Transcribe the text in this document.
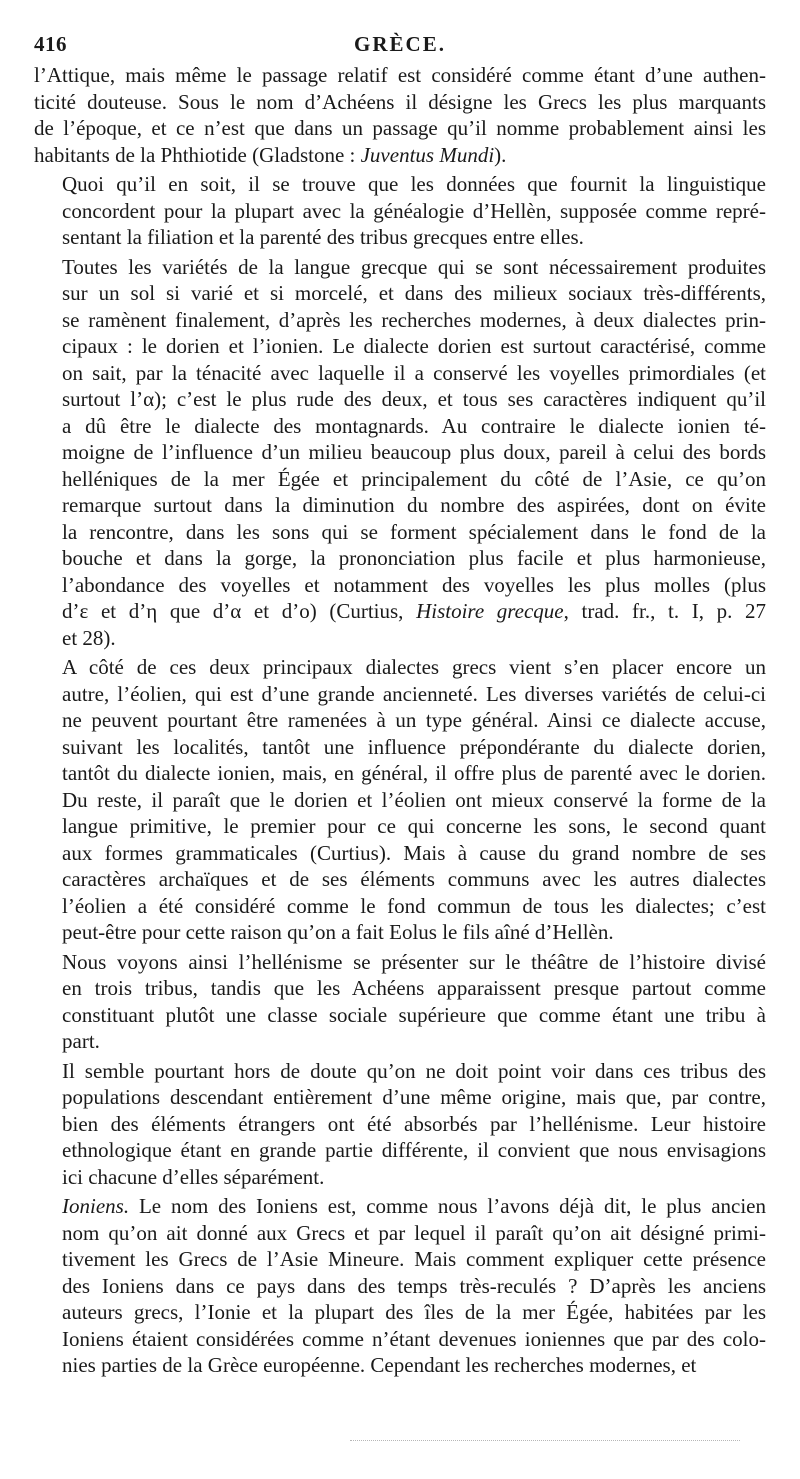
416	GRÈCE.

l’Attique, mais même le passage relatif est considéré comme étant d’une authen-
ticité douteuse. Sous le nom d’Achéens il désigne les Grecs les plus marquants
de l’époque, et ce n’est que dans un passage qu’il nomme probablement ainsi les
habitants de la Phthiotide (Gladstone : Juventus Mundi).

Quoi qu’il en soit, il se trouve que les données que fournit la linguistique
concordent pour la plupart avec la généalogie d’Hellèn, supposée comme repré-
sentant la filiation et la parenté des tribus grecques entre elles.

Toutes les variétés de la langue grecque qui se sont nécessairement produites
sur un sol si varié et si morcelé, et dans des milieux sociaux très-différents,
se ramènent finalement, d’après les recherches modernes, à deux dialectes prin-
cipaux : le dorien et l’ionien. Le dialecte dorien est surtout caractérisé, comme
on sait, par la ténacité avec laquelle il a conservé les voyelles primordiales (et
surtout l’α); c’est le plus rude des deux, et tous ses caractères indiquent qu’il
a dû être le dialecte des montagnards. Au contraire le dialecte ionien té-
moigne de l’influence d’un milieu beaucoup plus doux, pareil à celui des bords
helléniques de la mer Égée et principalement du côté de l’Asie, ce qu’on
remarque surtout dans la diminution du nombre des aspirées, dont on évite
la rencontre, dans les sons qui se forment spécialement dans le fond de la
bouche et dans la gorge, la prononciation plus facile et plus harmonieuse,
l’abondance des voyelles et notamment des voyelles les plus molles (plus
d’ε et d’η que d’α et d’o) (Curtius, Histoire grecque, trad. fr., t. I, p. 27
et 28).

A côté de ces deux principaux dialectes grecs vient s’en placer encore un
autre, l’éolien, qui est d’une grande ancienneté. Les diverses variétés de celui-ci
ne peuvent pourtant être ramenées à un type général. Ainsi ce dialecte accuse,
suivant les localités, tantôt une influence prépondérante du dialecte dorien,
tantôt du dialecte ionien, mais, en général, il offre plus de parenté avec le dorien.
Du reste, il paraît que le dorien et l’éolien ont mieux conservé la forme de la
langue primitive, le premier pour ce qui concerne les sons, le second quant
aux formes grammaticales (Curtius). Mais à cause du grand nombre de ses
caractères archaïques et de ses éléments communs avec les autres dialectes
l’éolien a été considéré comme le fond commun de tous les dialectes; c’est
peut-être pour cette raison qu’on a fait Eolus le fils aîné d’Hellèn.

Nous voyons ainsi l’hellénisme se présenter sur le théâtre de l’histoire divisé
en trois tribus, tandis que les Achéens apparaissent presque partout comme
constituant plutôt une classe sociale supérieure que comme étant une tribu à
part.

Il semble pourtant hors de doute qu’on ne doit point voir dans ces tribus des
populations descendant entièrement d’une même origine, mais que, par contre,
bien des éléments étrangers ont été absorbés par l’hellénisme. Leur histoire
ethnologique étant en grande partie différente, il convient que nous envisagions
ici chacune d’elles séparément.

Ioniens. Le nom des Ioniens est, comme nous l’avons déjà dit, le plus ancien
nom qu’on ait donné aux Grecs et par lequel il paraît qu’on ait désigné primi-
tivement les Grecs de l’Asie Mineure. Mais comment expliquer cette présence
des Ioniens dans ce pays dans des temps très-reculés ? D’après les anciens
auteurs grecs, l’Ionie et la plupart des îles de la mer Égée, habitées par les
Ioniens étaient considérées comme n’étant devenues ioniennes que par des colo-
nies parties de la Grèce européenne. Cependant les recherches modernes, et
